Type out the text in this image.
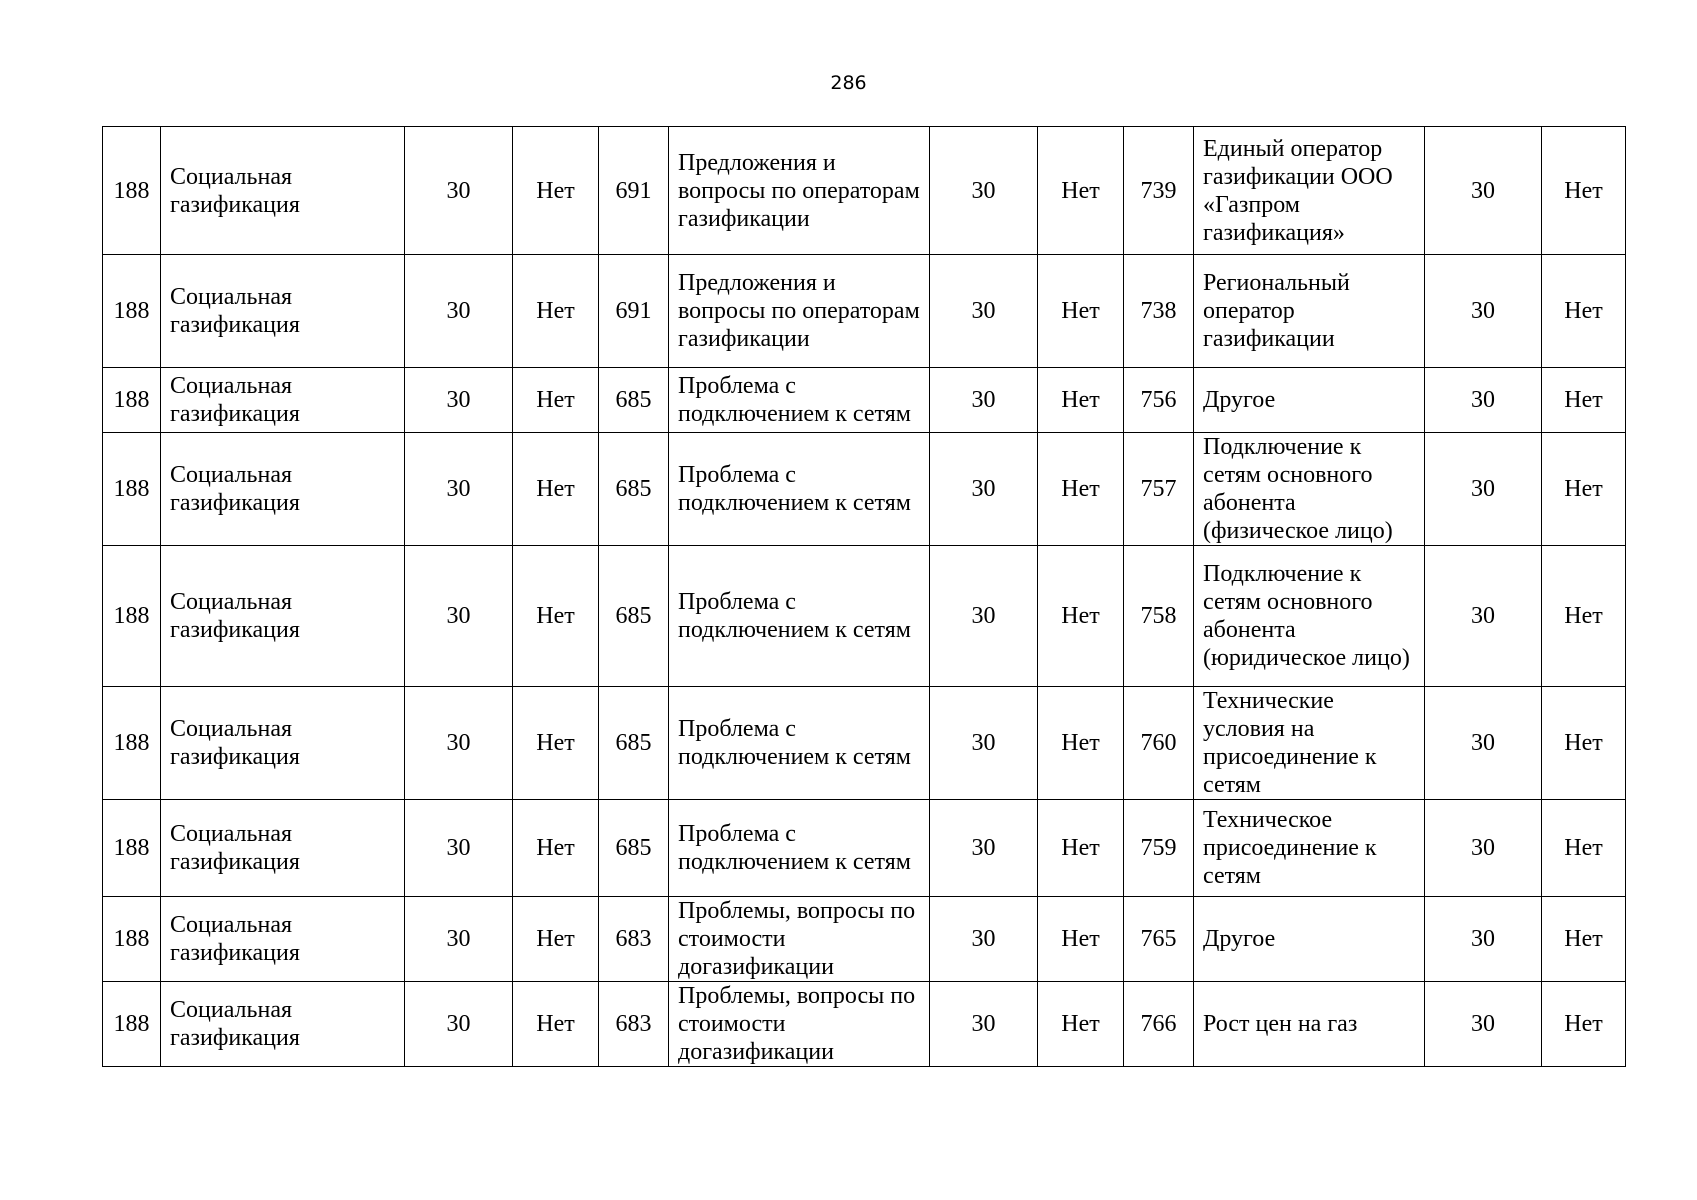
286
188	Социальная газификация	30	Нет	691	Предложения и вопросы по операторам газификации	30	Нет	739	Единый оператор газификации ООО «Газпром газификация»	30	Нет
188	Социальная газификация	30	Нет	691	Предложения и вопросы по операторам газификации	30	Нет	738	Региональный оператор газификации	30	Нет
188	Социальная газификация	30	Нет	685	Проблема с подключением к сетям	30	Нет	756	Другое	30	Нет
188	Социальная газификация	30	Нет	685	Проблема с подключением к сетям	30	Нет	757	Подключение к сетям основного абонента (физическое лицо)	30	Нет
188	Социальная газификация	30	Нет	685	Проблема с подключением к сетям	30	Нет	758	Подключение к сетям основного абонента (юридическое лицо)	30	Нет
188	Социальная газификация	30	Нет	685	Проблема с подключением к сетям	30	Нет	760	Технические условия на присоединение к сетям	30	Нет
188	Социальная газификация	30	Нет	685	Проблема с подключением к сетям	30	Нет	759	Техническое присоединение к сетям	30	Нет
188	Социальная газификация	30	Нет	683	Проблемы, вопросы по стоимости догазификации	30	Нет	765	Другое	30	Нет
188	Социальная газификация	30	Нет	683	Проблемы, вопросы по стоимости догазификации	30	Нет	766	Рост цен на газ	30	Нет
